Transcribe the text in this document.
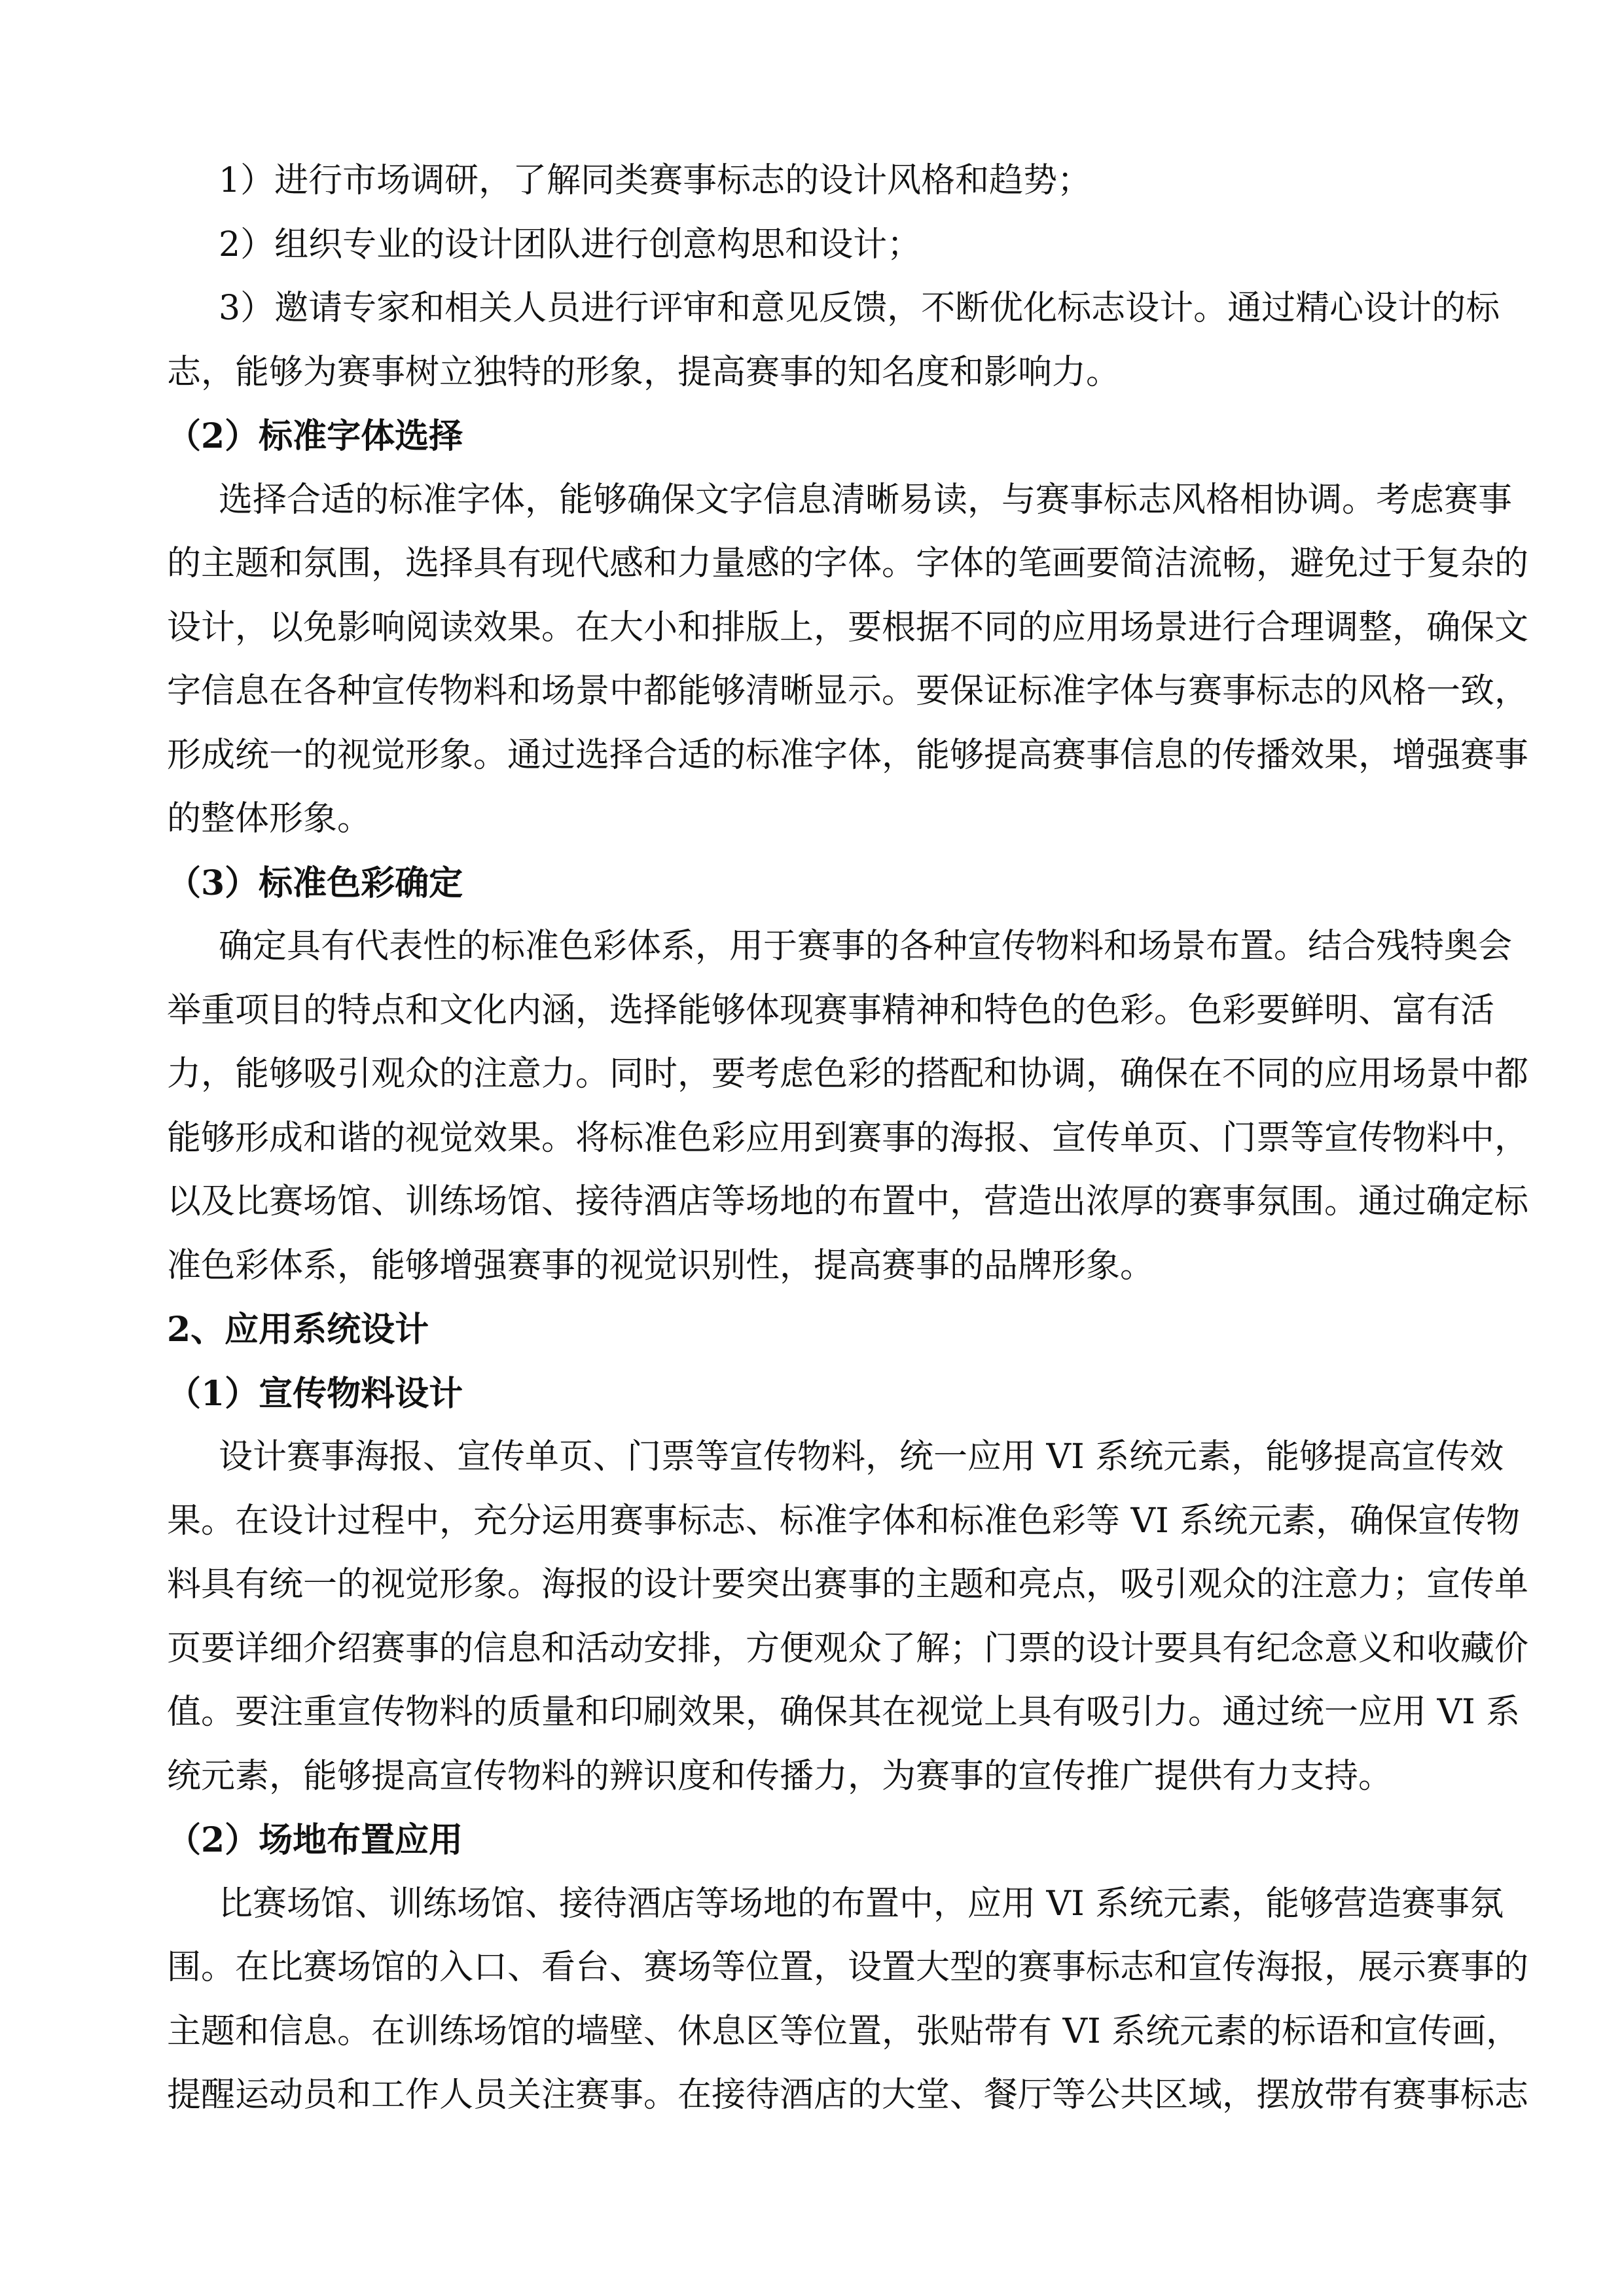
1）进行市场调研，了解同类赛事标志的设计风格和趋势；
2）组织专业的设计团队进行创意构思和设计；
3）邀请专家和相关人员进行评审和意见反馈，不断优化标志设计。通过精心设计的标
志，能够为赛事树立独特的形象，提高赛事的知名度和影响力。
（2）标准字体选择
选择合适的标准字体，能够确保文字信息清晰易读，与赛事标志风格相协调。考虑赛事
的主题和氛围，选择具有现代感和力量感的字体。字体的笔画要简洁流畅，避免过于复杂的
设计，以免影响阅读效果。在大小和排版上，要根据不同的应用场景进行合理调整，确保文
字信息在各种宣传物料和场景中都能够清晰显示。要保证标准字体与赛事标志的风格一致，
形成统一的视觉形象。通过选择合适的标准字体，能够提高赛事信息的传播效果，增强赛事
的整体形象。
（3）标准色彩确定
确定具有代表性的标准色彩体系，用于赛事的各种宣传物料和场景布置。结合残特奥会
举重项目的特点和文化内涵，选择能够体现赛事精神和特色的色彩。色彩要鲜明、富有活
力，能够吸引观众的注意力。同时，要考虑色彩的搭配和协调，确保在不同的应用场景中都
能够形成和谐的视觉效果。将标准色彩应用到赛事的海报、宣传单页、门票等宣传物料中，
以及比赛场馆、训练场馆、接待酒店等场地的布置中，营造出浓厚的赛事氛围。通过确定标
准色彩体系，能够增强赛事的视觉识别性，提高赛事的品牌形象。
2、应用系统设计
（1）宣传物料设计
设计赛事海报、宣传单页、门票等宣传物料，统一应用 VI 系统元素，能够提高宣传效
果。在设计过程中，充分运用赛事标志、标准字体和标准色彩等 VI 系统元素，确保宣传物
料具有统一的视觉形象。海报的设计要突出赛事的主题和亮点，吸引观众的注意力；宣传单
页要详细介绍赛事的信息和活动安排，方便观众了解；门票的设计要具有纪念意义和收藏价
值。要注重宣传物料的质量和印刷效果，确保其在视觉上具有吸引力。通过统一应用 VI 系
统元素，能够提高宣传物料的辨识度和传播力，为赛事的宣传推广提供有力支持。
（2）场地布置应用
比赛场馆、训练场馆、接待酒店等场地的布置中，应用 VI 系统元素，能够营造赛事氛
围。在比赛场馆的入口、看台、赛场等位置，设置大型的赛事标志和宣传海报，展示赛事的
主题和信息。在训练场馆的墙壁、休息区等位置，张贴带有 VI 系统元素的标语和宣传画，
提醒运动员和工作人员关注赛事。在接待酒店的大堂、餐厅等公共区域，摆放带有赛事标志
